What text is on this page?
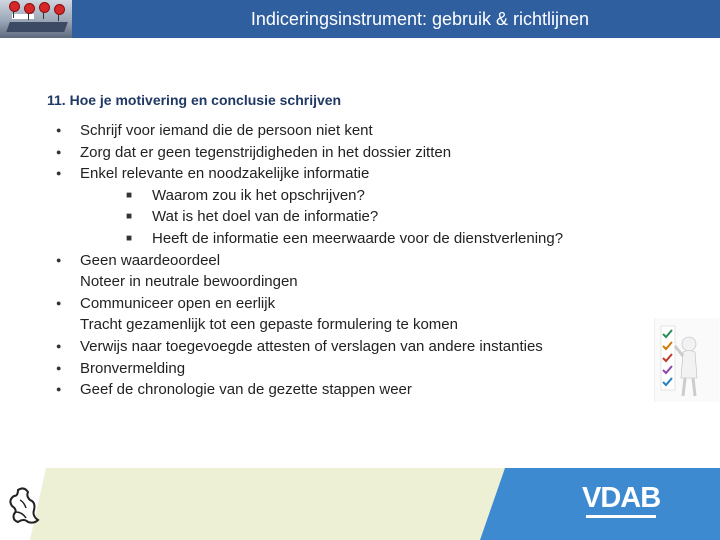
Indiceringsinstrument: gebruik & richtlijnen
11. Hoe je motivering en conclusie schrijven
● Schrijf voor iemand die de persoon niet kent
● Zorg dat er geen tegenstrijdigheden in het dossier zitten
● Enkel relevante en noodzakelijke informatie
■ Waarom zou ik het opschrijven?
■ Wat is het doel van de informatie?
■ Heeft de informatie een meerwaarde voor de dienstverlening?
● Geen waardeoordeel
Noteer in neutrale bewoordingen
● Communiceer open en eerlijk
Tracht gezamenlijk tot een gepaste formulering te komen
● Verwijs naar toegevoegde attesten of verslagen van andere instanties
● Bronvermelding
● Geef de chronologie van de gezette stappen weer
VDAB
